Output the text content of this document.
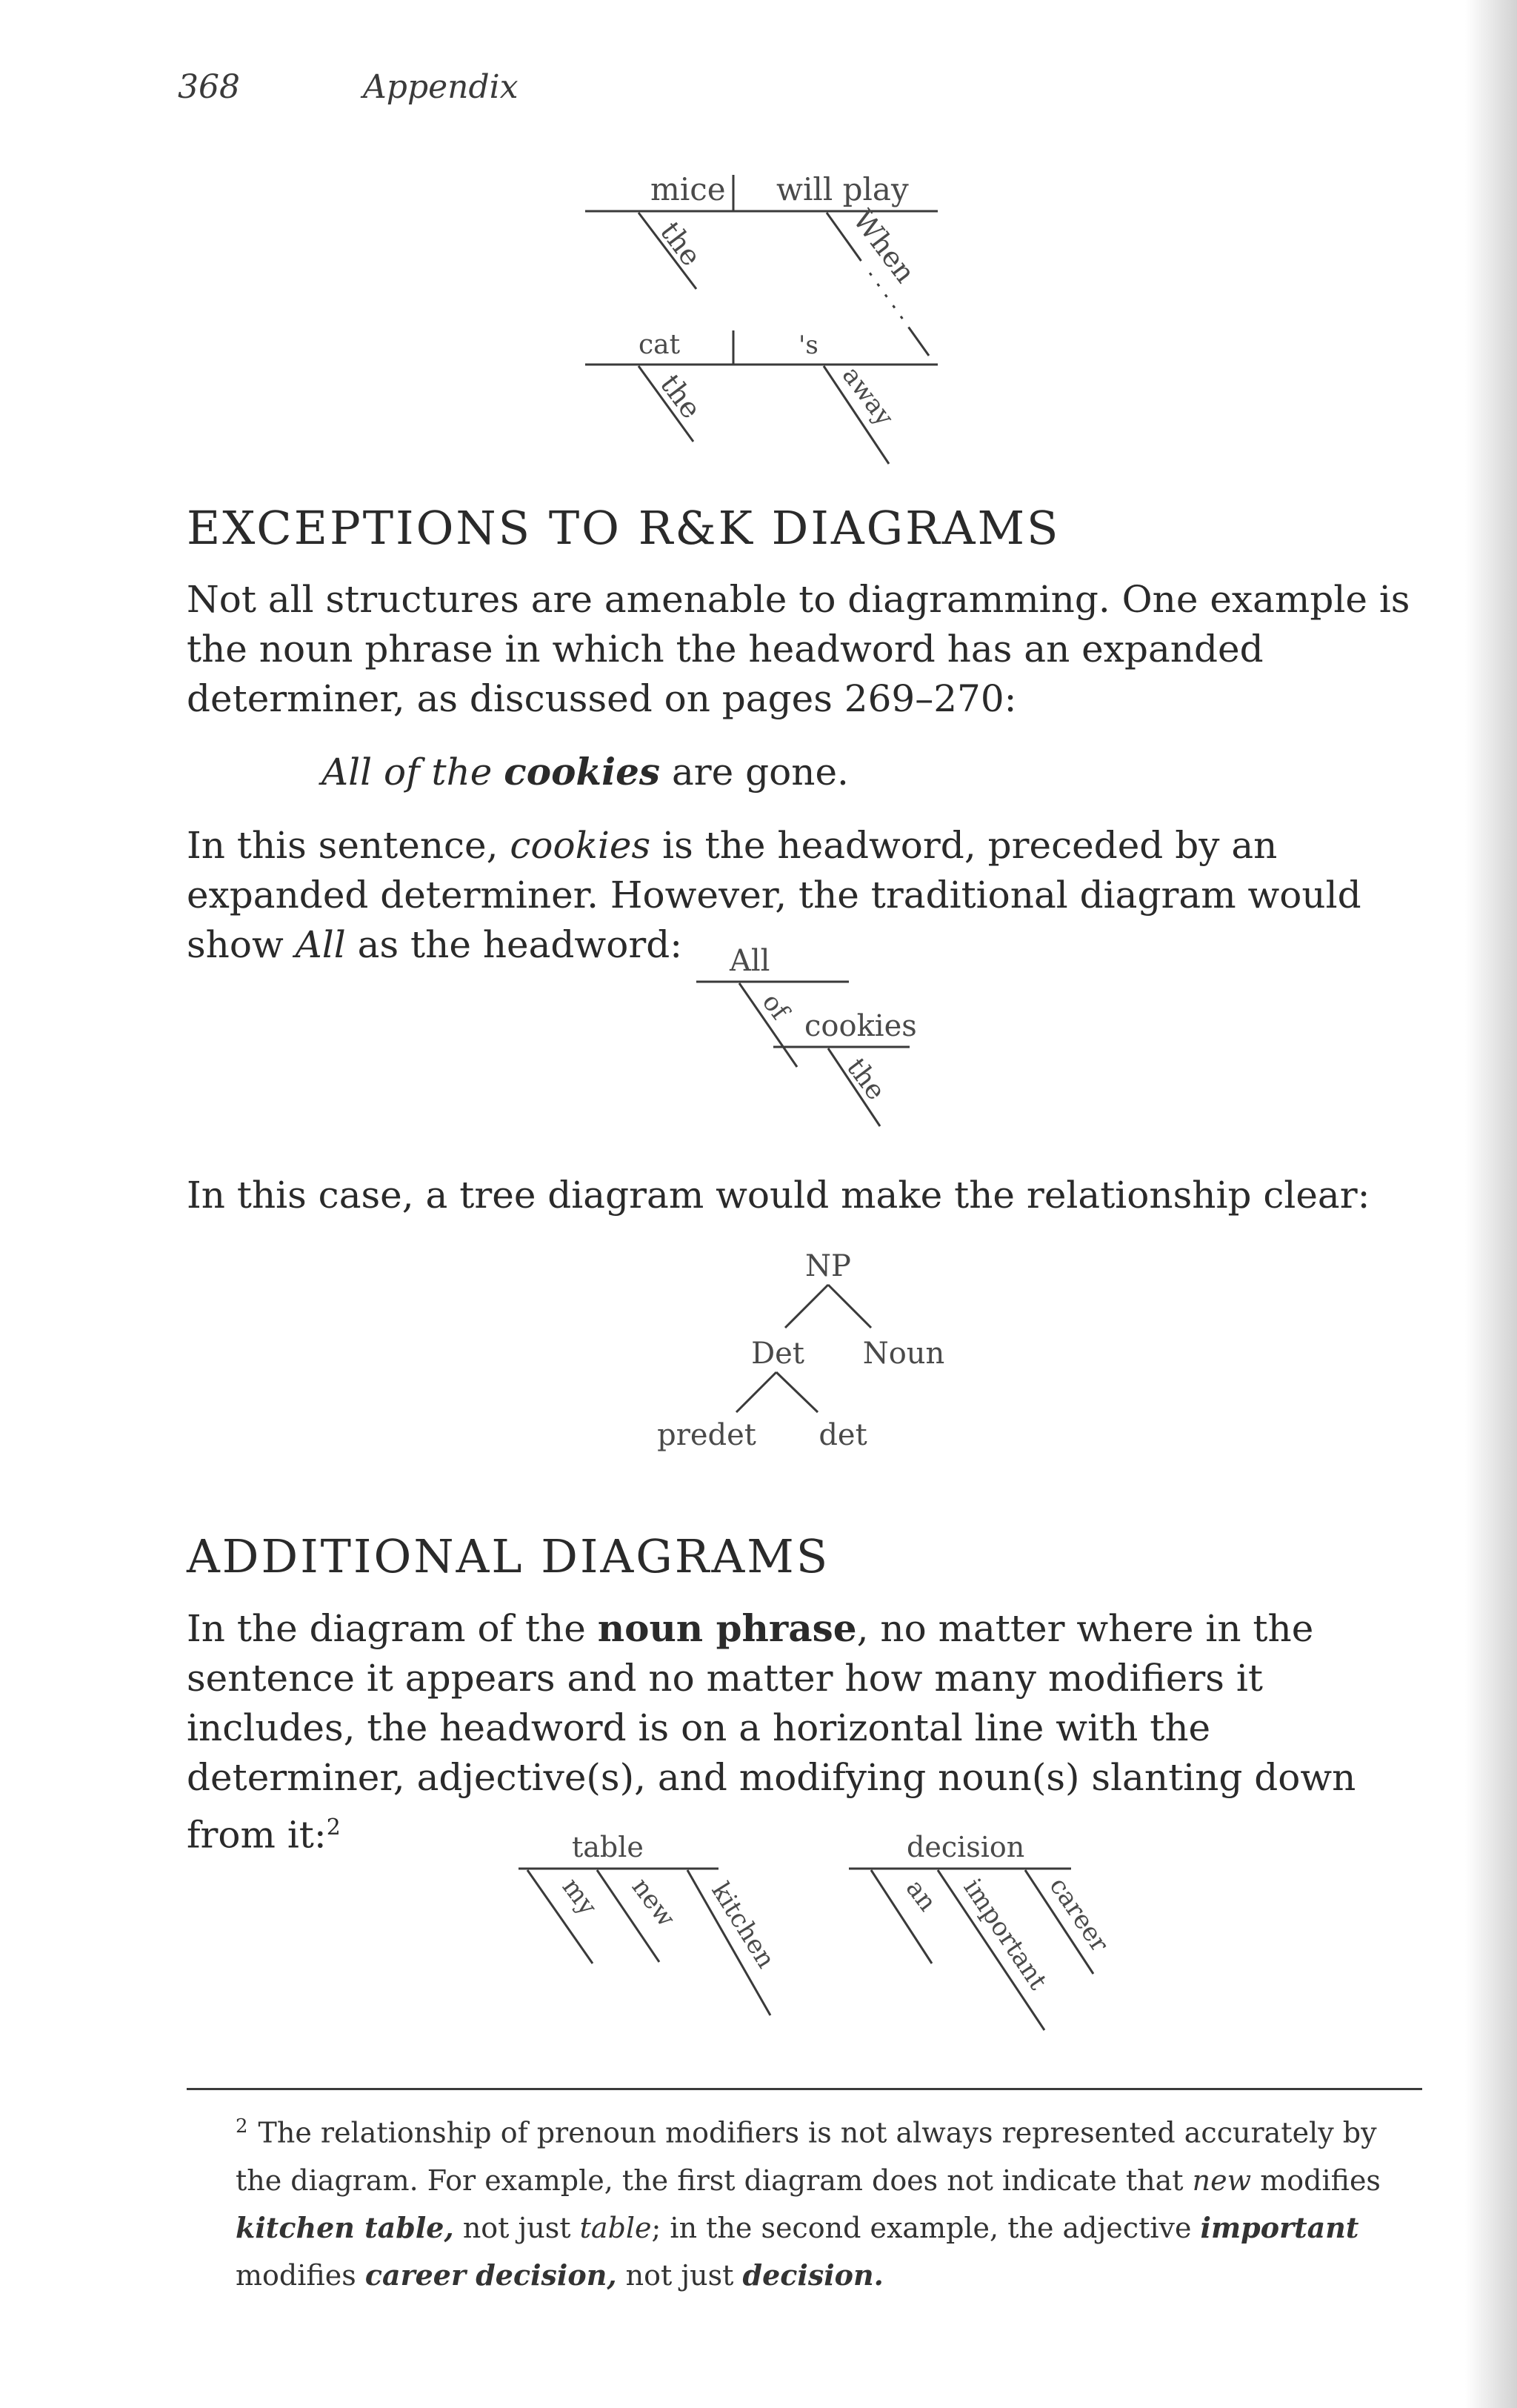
368	Appendix
mice will play
the	When
cat	's
the	away
EXCEPTIONS TO R&K DIAGRAMS

Not all structures are amenable to diagramming. One example is the noun phrase in which the headword has an expanded determiner, as discussed on pages 269–270:

All of the cookies are gone.

In this sentence, cookies is the headword, preceded by an expanded determiner. However, the traditional diagram would show All as the headword:	All
of
cookies
the

In this case, a tree diagram would make the relationship clear:

NP
Det Noun
predet det
ADDITIONAL DIAGRAMS

In the diagram of the noun phrase, no matter where in the sentence it appears and no matter how many modifiers it includes, the headword is on a horizontal line with the determiner, adjective(s), and modifying noun(s) slanting down from it:$^2$

table
my new kitchen
decision
an important
career

$^2$ The relationship of prenoun modifiers is not always represented accurately by the diagram. For example, the first diagram does not indicate that new modifies kitchen table, not just table; in the second example, the adjective important modifies career decision, not just decision.
